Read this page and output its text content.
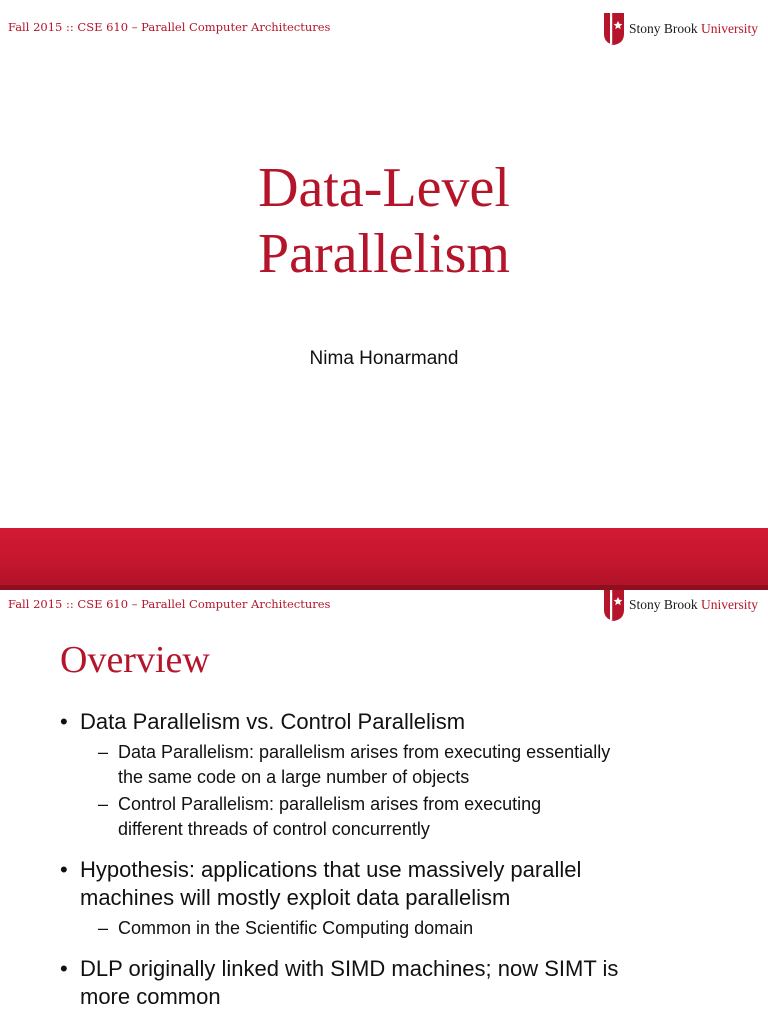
Fall 2015 :: CSE 610 – Parallel Computer Architectures	Stony Brook University
Data-Level
Parallelism
Nima Honarmand
Fall 2015 :: CSE 610 – Parallel Computer Architectures	Stony Brook University
Overview
• Data Parallelism vs. Control Parallelism
– Data Parallelism: parallelism arises from executing essentially
the same code on a large number of objects
– Control Parallelism: parallelism arises from executing
different threads of control concurrently
• Hypothesis: applications that use massively parallel
machines will mostly exploit data parallelism
– Common in the Scientific Computing domain
• DLP originally linked with SIMD machines; now SIMT is
more common
